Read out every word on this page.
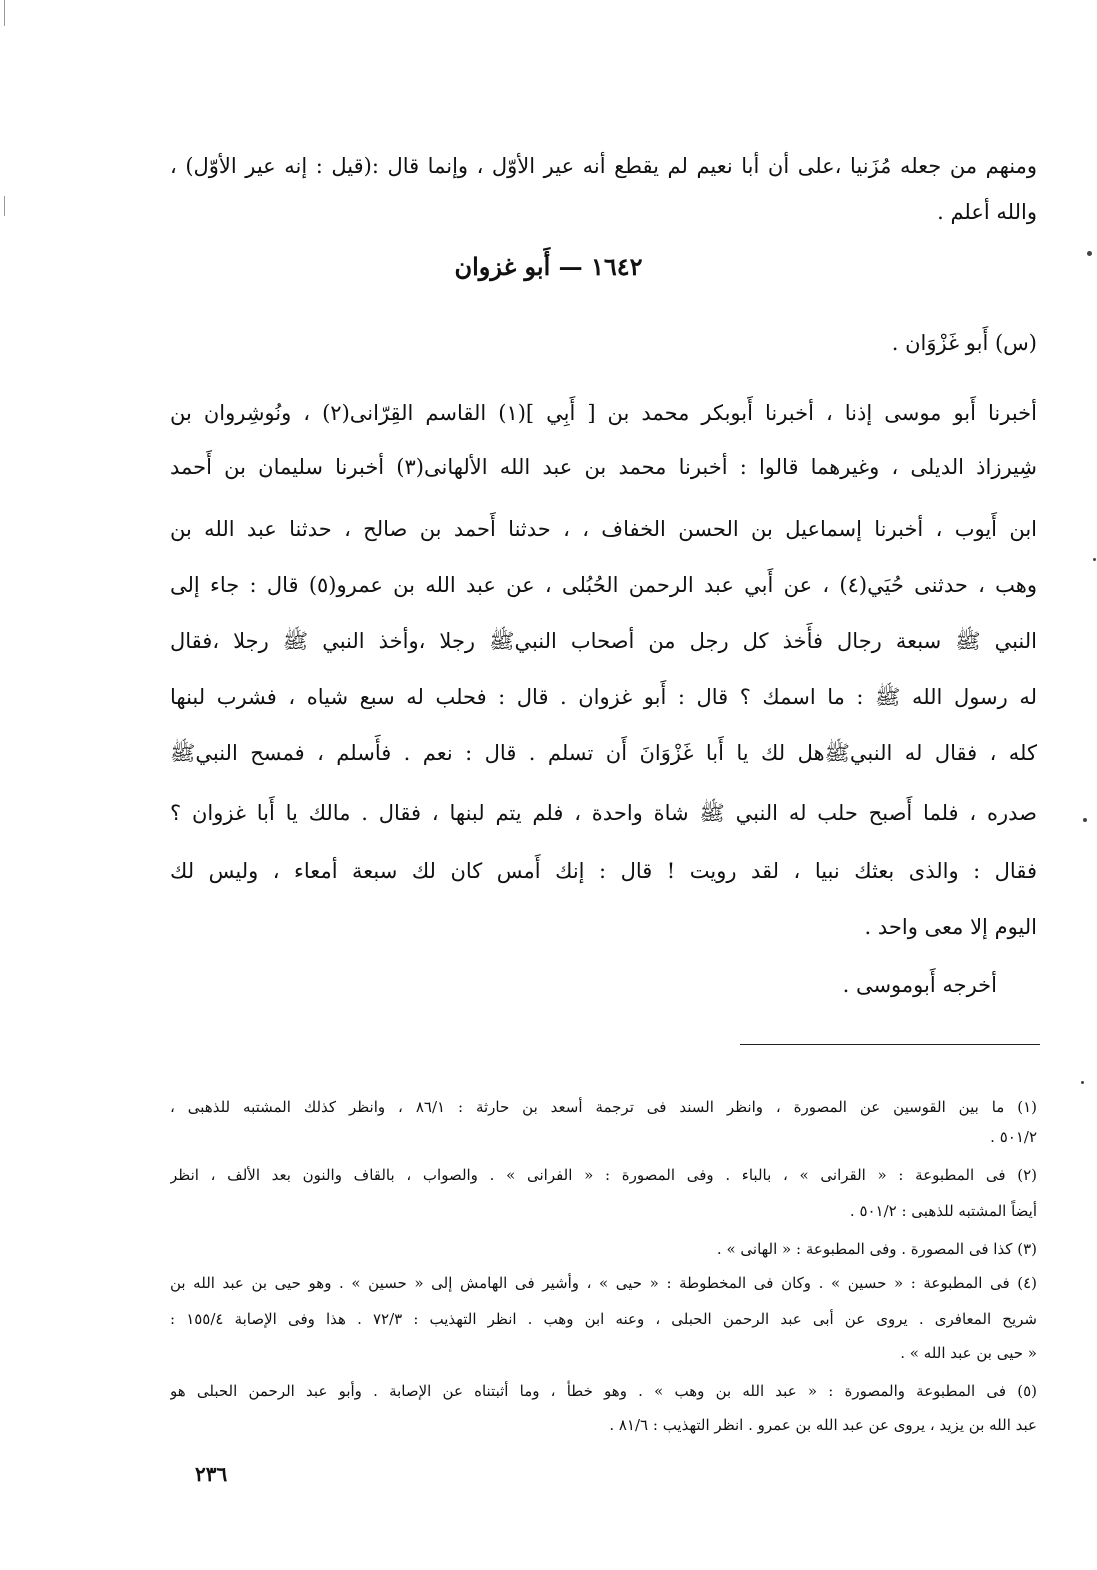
ومنهم من جعله مُزَنيا ،على أن أبا نعيم لم يقطع أنه عير الأوّل ، وإنما قال :(قيل : إنه عير الأوّل) ،
والله أعلم .
١٦٤٢ — أَبو غزوان
(س) أَبو غَزْوَان .
أخبرنا أَبو موسى إذنا ، أخبرنا أَبوبكر محمد بن [ أَبِي ](١) القاسم القِرّانى(٢) ، ونُوشِروان بن
شِيرزاذ الديلى ، وغيرهما قالوا : أخبرنا محمد بن عبد الله الألهانى(٣) أخبرنا سليمان بن أَحمد
ابن أَيوب ، أخبرنا إسماعيل بن الحسن الخفاف ، ، حدثنا أَحمد بن صالح ، حدثنا عبد الله بن
وهب ، حدثنى حُيَي(٤) ، عن أَبي عبد الرحمن الحُبُلى ، عن عبد الله بن عمرو(٥) قال : جاء إلى
النبي ﷺ سبعة رجال فأَخذ كل رجل من أصحاب النبيﷺ رجلا ،وأخذ النبي ﷺ رجلا ،فقال
له رسول الله ﷺ : ما اسمك ؟ قال : أَبو غزوان . قال : فحلب له سبع شياه ، فشرب لبنها
كله ، فقال له النبيﷺهل لك يا أَبا غَزْوَانَ أَن تسلم . قال : نعم . فأَسلم ، فمسح النبيﷺ
صدره ، فلما أَصبح حلب له النبي ﷺ شاة واحدة ، فلم يتم لبنها ، فقال . مالك يا أَبا غزوان ؟
فقال : والذى بعثك نبيا ، لقد رويت ! قال : إنك أَمس كان لك سبعة أمعاء ، وليس لك
اليوم إلا معى واحد .
أخرجه أَبوموسى .
(١) ما بين القوسين عن المصورة ، وانظر السند فى ترجمة أسعد بن حارثة : ٨٦/١ ، وانظر كذلك المشتبه للذهبى ،
٥٠١/٢ .
(٢) فى المطبوعة : « القرانى » ، بالباء . وفى المصورة : « الفرانى » . والصواب ، بالقاف والنون بعد الألف ، انظر
أيضاً المشتبه للذهبى : ٥٠١/٢ .
(٣) كذا فى المصورة . وفى المطبوعة : « الهانى » .
(٤) فى المطبوعة : « حسين » . وكان فى المخطوطة : « حيى » ، وأشير فى الهامش إلى « حسين » . وهو حيى بن عبد الله بن
شريح المعافرى . يروى عن أبى عبد الرحمن الحبلى ، وعنه ابن وهب . انظر التهذيب : ٧٢/٣ . هذا وفى الإصابة ١٥٥/٤ :
« حيى بن عبد الله » .
(٥) فى المطبوعة والمصورة : « عبد الله بن وهب » . وهو خطأ ، وما أثبتناه عن الإصابة . وأبو عبد الرحمن الحبلى هو
عبد الله بن يزيد ، يروى عن عبد الله بن عمرو . انظر التهذيب : ٨١/٦ .
٢٣٦
